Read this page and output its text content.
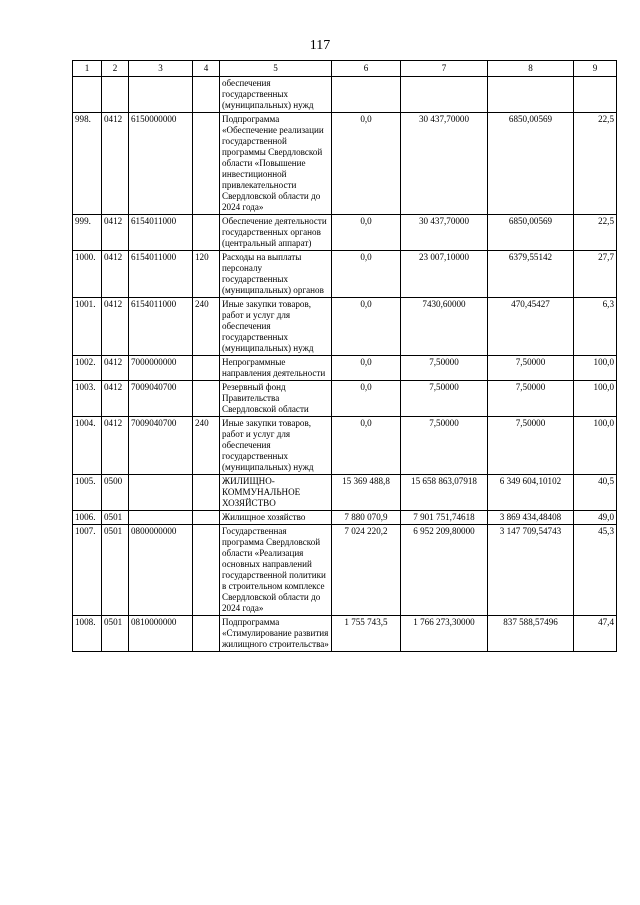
117
1	2	3	4	5	6	7	8	9
				обеспечения государственных (муниципальных) нужд				
998.	0412	6150000000		Подпрограмма «Обеспечение реализации государственной программы Свердловской области «Повышение инвестиционной привлекательности Свердловской области до 2024 года»	0,0	30 437,70000	6850,00569	22,5
999.	0412	6154011000		Обеспечение деятельности государственных органов (центральный аппарат)	0,0	30 437,70000	6850,00569	22,5
1000.	0412	6154011000	120	Расходы на выплаты персоналу государственных (муниципальных) органов	0,0	23 007,10000	6379,55142	27,7
1001.	0412	6154011000	240	Иные закупки товаров, работ и услуг для обеспечения государственных (муниципальных) нужд	0,0	7430,60000	470,45427	6,3
1002.	0412	7000000000		Непрограммные направления деятельности	0,0	7,50000	7,50000	100,0
1003.	0412	7009040700		Резервный фонд Правительства Свердловской области	0,0	7,50000	7,50000	100,0
1004.	0412	7009040700	240	Иные закупки товаров, работ и услуг для обеспечения государственных (муниципальных) нужд	0,0	7,50000	7,50000	100,0
1005.	0500			ЖИЛИЩНО-КОММУНАЛЬНОЕ ХОЗЯЙСТВО	15 369 488,8	15 658 863,07918	6 349 604,10102	40,5
1006.	0501			Жилищное хозяйство	7 880 070,9	7 901 751,74618	3 869 434,48408	49,0
1007.	0501	0800000000		Государственная программа Свердловской области «Реализация основных направлений государственной политики в строительном комплексе Свердловской области до 2024 года»	7 024 220,2	6 952 209,80000	3 147 709,54743	45,3
1008.	0501	0810000000		Подпрограмма «Стимулирование развития жилищного строительства»	1 755 743,5	1 766 273,30000	837 588,57496	47,4
